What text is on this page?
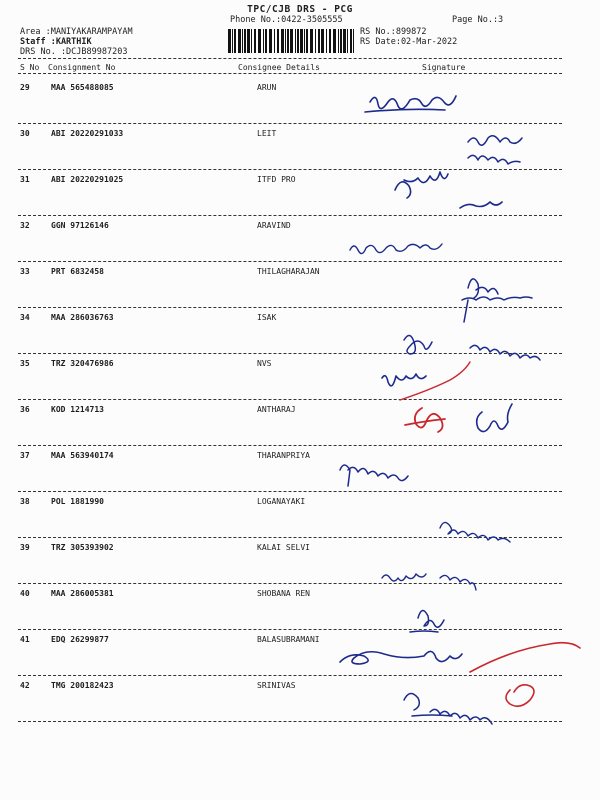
TPC/CJB DRS - PCG
Phone No.:0422-3505555	Page No.:3
Area :MANIYAKARAMPAYAM
Staff :KARTHIK
DRS No. :DCJB89987203
RS No.:899872
RS Date:02-Mar-2022
S No Consignment No	Consignee Details	Signature
29	MAA 565488085	ARUN
30	ABI 20220291033	LEIT
31	ABI 20220291025	ITFD PRO
32	GGN 97126146	ARAVIND
33	PRT 6832458	THILAGHARAJAN
34	MAA 286036763	ISAK
35	TRZ 320476986	NVS
36	KOD 1214713	ANTHARAJ
37	MAA 563940174	THARANPRIYA
38	POL 1881990	LOGANAYAKI
39	TRZ 305393902	KALAI SELVI
40	MAA 286005381	SHOBANA REN
41	EDQ 26299877	BALASUBRAMANI
42	TMG 200182423	SRINIVAS
